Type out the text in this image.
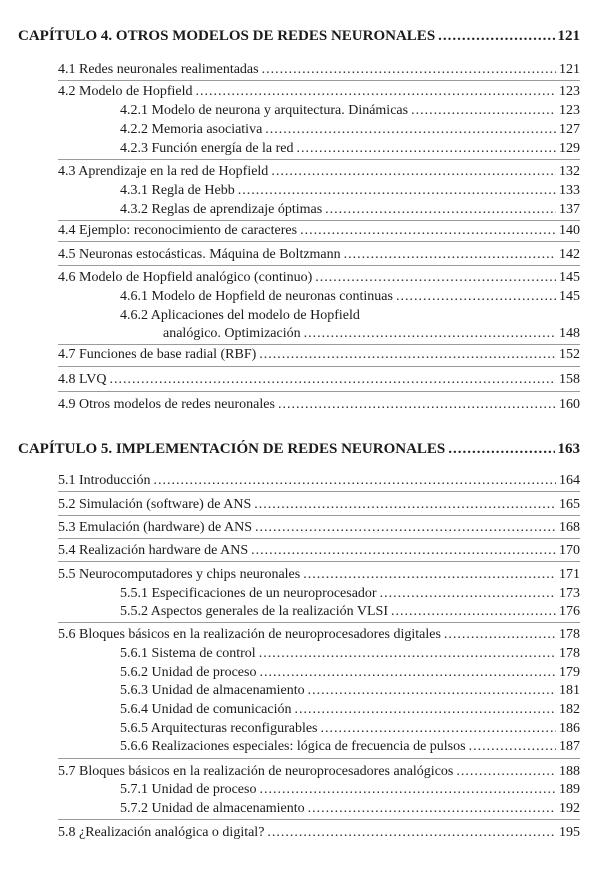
CAPÍTULO 4. OTROS MODELOS DE REDES NEURONALES .....	121
4.1 Redes neuronales realimentadas .....	121
4.2 Modelo de Hopfield .....	123
4.2.1 Modelo de neurona y arquitectura. Dinámicas .....	123
4.2.2 Memoria asociativa .....	127
4.2.3 Función energía de la red .....	129
4.3 Aprendizaje en la red de Hopfield .....	132
4.3.1 Regla de Hebb .....	133
4.3.2 Reglas de aprendizaje óptimas .....	137
4.4 Ejemplo: reconocimiento de caracteres .....	140
4.5 Neuronas estocásticas. Máquina de Boltzmann .....	142
4.6 Modelo de Hopfield analógico (continuo) .....	145
4.6.1 Modelo de Hopfield de neuronas continuas .....	145
4.6.2 Aplicaciones del modelo de Hopfield
analógico. Optimización .....	148
4.7 Funciones de base radial (RBF) .....	152
4.8 LVQ .....	158
4.9 Otros modelos de redes neuronales .....	160
CAPÍTULO 5. IMPLEMENTACIÓN DE REDES NEURONALES .....	163
5.1 Introducción .....	164
5.2 Simulación (software) de ANS .....	165
5.3 Emulación (hardware) de ANS .....	168
5.4 Realización hardware de ANS .....	170
5.5 Neurocomputadores y chips neuronales .....	171
5.5.1 Especificaciones de un neuroprocesador .....	173
5.5.2 Aspectos generales de la realización VLSI .....	176
5.6 Bloques básicos en la realización de neuroprocesadores digitales .....	178
5.6.1 Sistema de control .....	178
5.6.2 Unidad de proceso .....	179
5.6.3 Unidad de almacenamiento .....	181
5.6.4 Unidad de comunicación .....	182
5.6.5 Arquitecturas reconfigurables .....	186
5.6.6 Realizaciones especiales: lógica de frecuencia de pulsos .....	187
5.7 Bloques básicos en la realización de neuroprocesadores analógicos .....	188
5.7.1 Unidad de proceso .....	189
5.7.2 Unidad de almacenamiento .....	192
5.8 ¿Realización analógica o digital? .....	195
